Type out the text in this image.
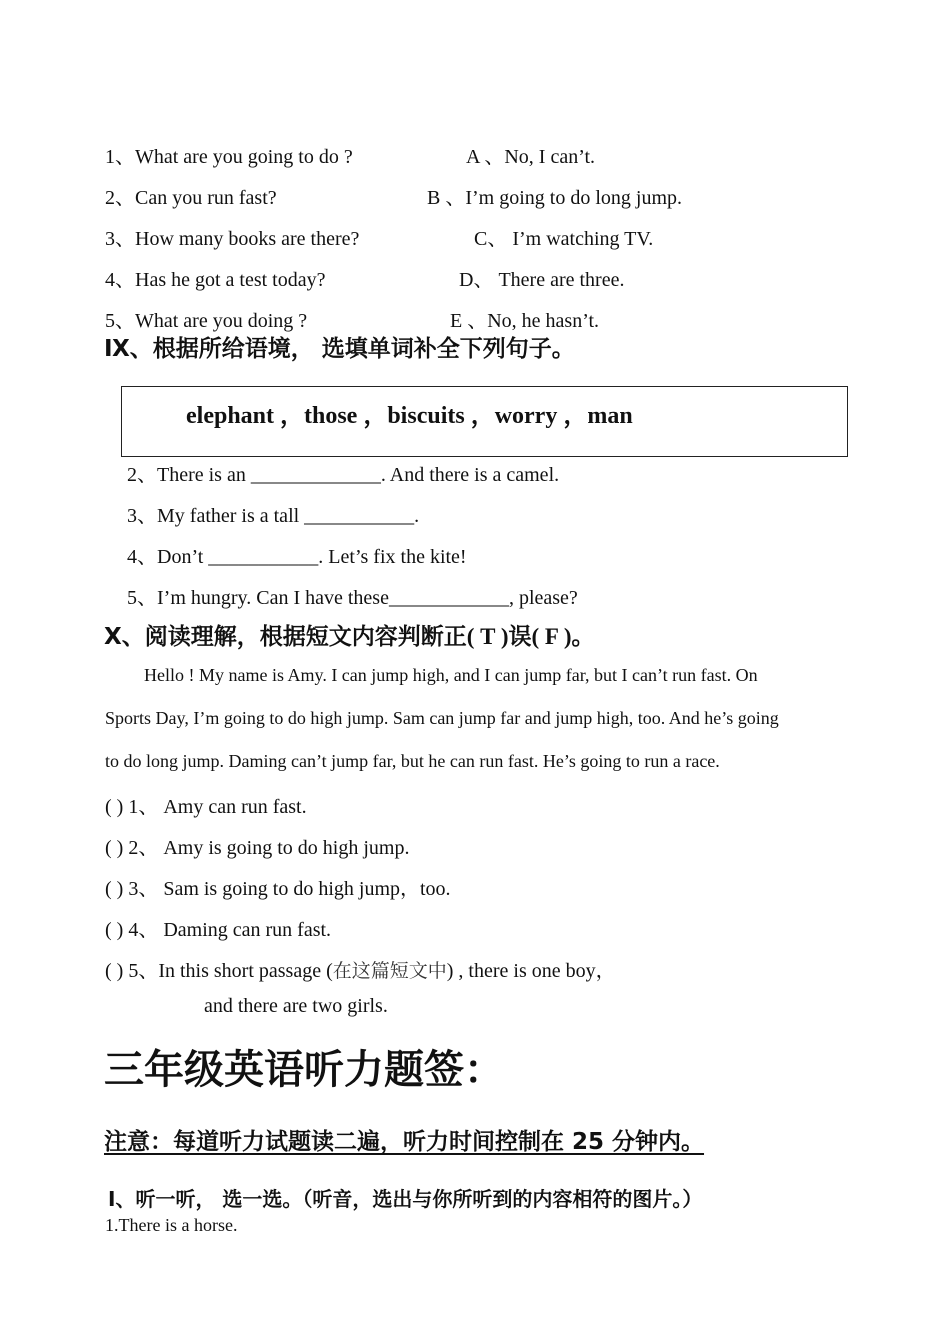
1、What are you going to do ?	A 、No, I can’t.
2、Can you run fast?	B 、I’m going to do long jump.
3、How many books are there?	C、 I’m watching TV.
4、Has he got a test today?	D、 There are three.
5、What are you doing ?	E 、No, he hasn’t.
Ⅸ、根据所给语境， 选填单词补全下列句子。
elephant ，those ，biscuits ，worry ，man
2、There is an _____________. And there is a camel.
3、My father is a tall ___________.
4、Don’t ___________. Let’s fix the kite!
5、I’m hungry. Can I have these____________, please?
Ⅹ、阅读理解，根据短文内容判断正( T )误( F )。
Hello ! My name is Amy. I can jump high, and I can jump far, but I can’t run fast. On
Sports Day, I’m going to do high jump. Sam can jump far and jump high, too. And he’s going
to do long jump. Daming can’t jump far, but he can run fast. He’s going to run a race.
( ) 1、 Amy can run fast.
( ) 2、 Amy is going to do high jump.
( ) 3、 Sam is going to do high jump，too.
( ) 4、 Daming can run fast.
( ) 5、In this short passage (在这篇短文中) , there is one boy，
and there are two girls.
三年级英语听力题签：
注意：每道听力试题读二遍，听力时间控制在 25 分钟内。
Ⅰ、听一听， 选一选。（听音，选出与你所听到的内容相符的图片。）
1.There is a horse.
